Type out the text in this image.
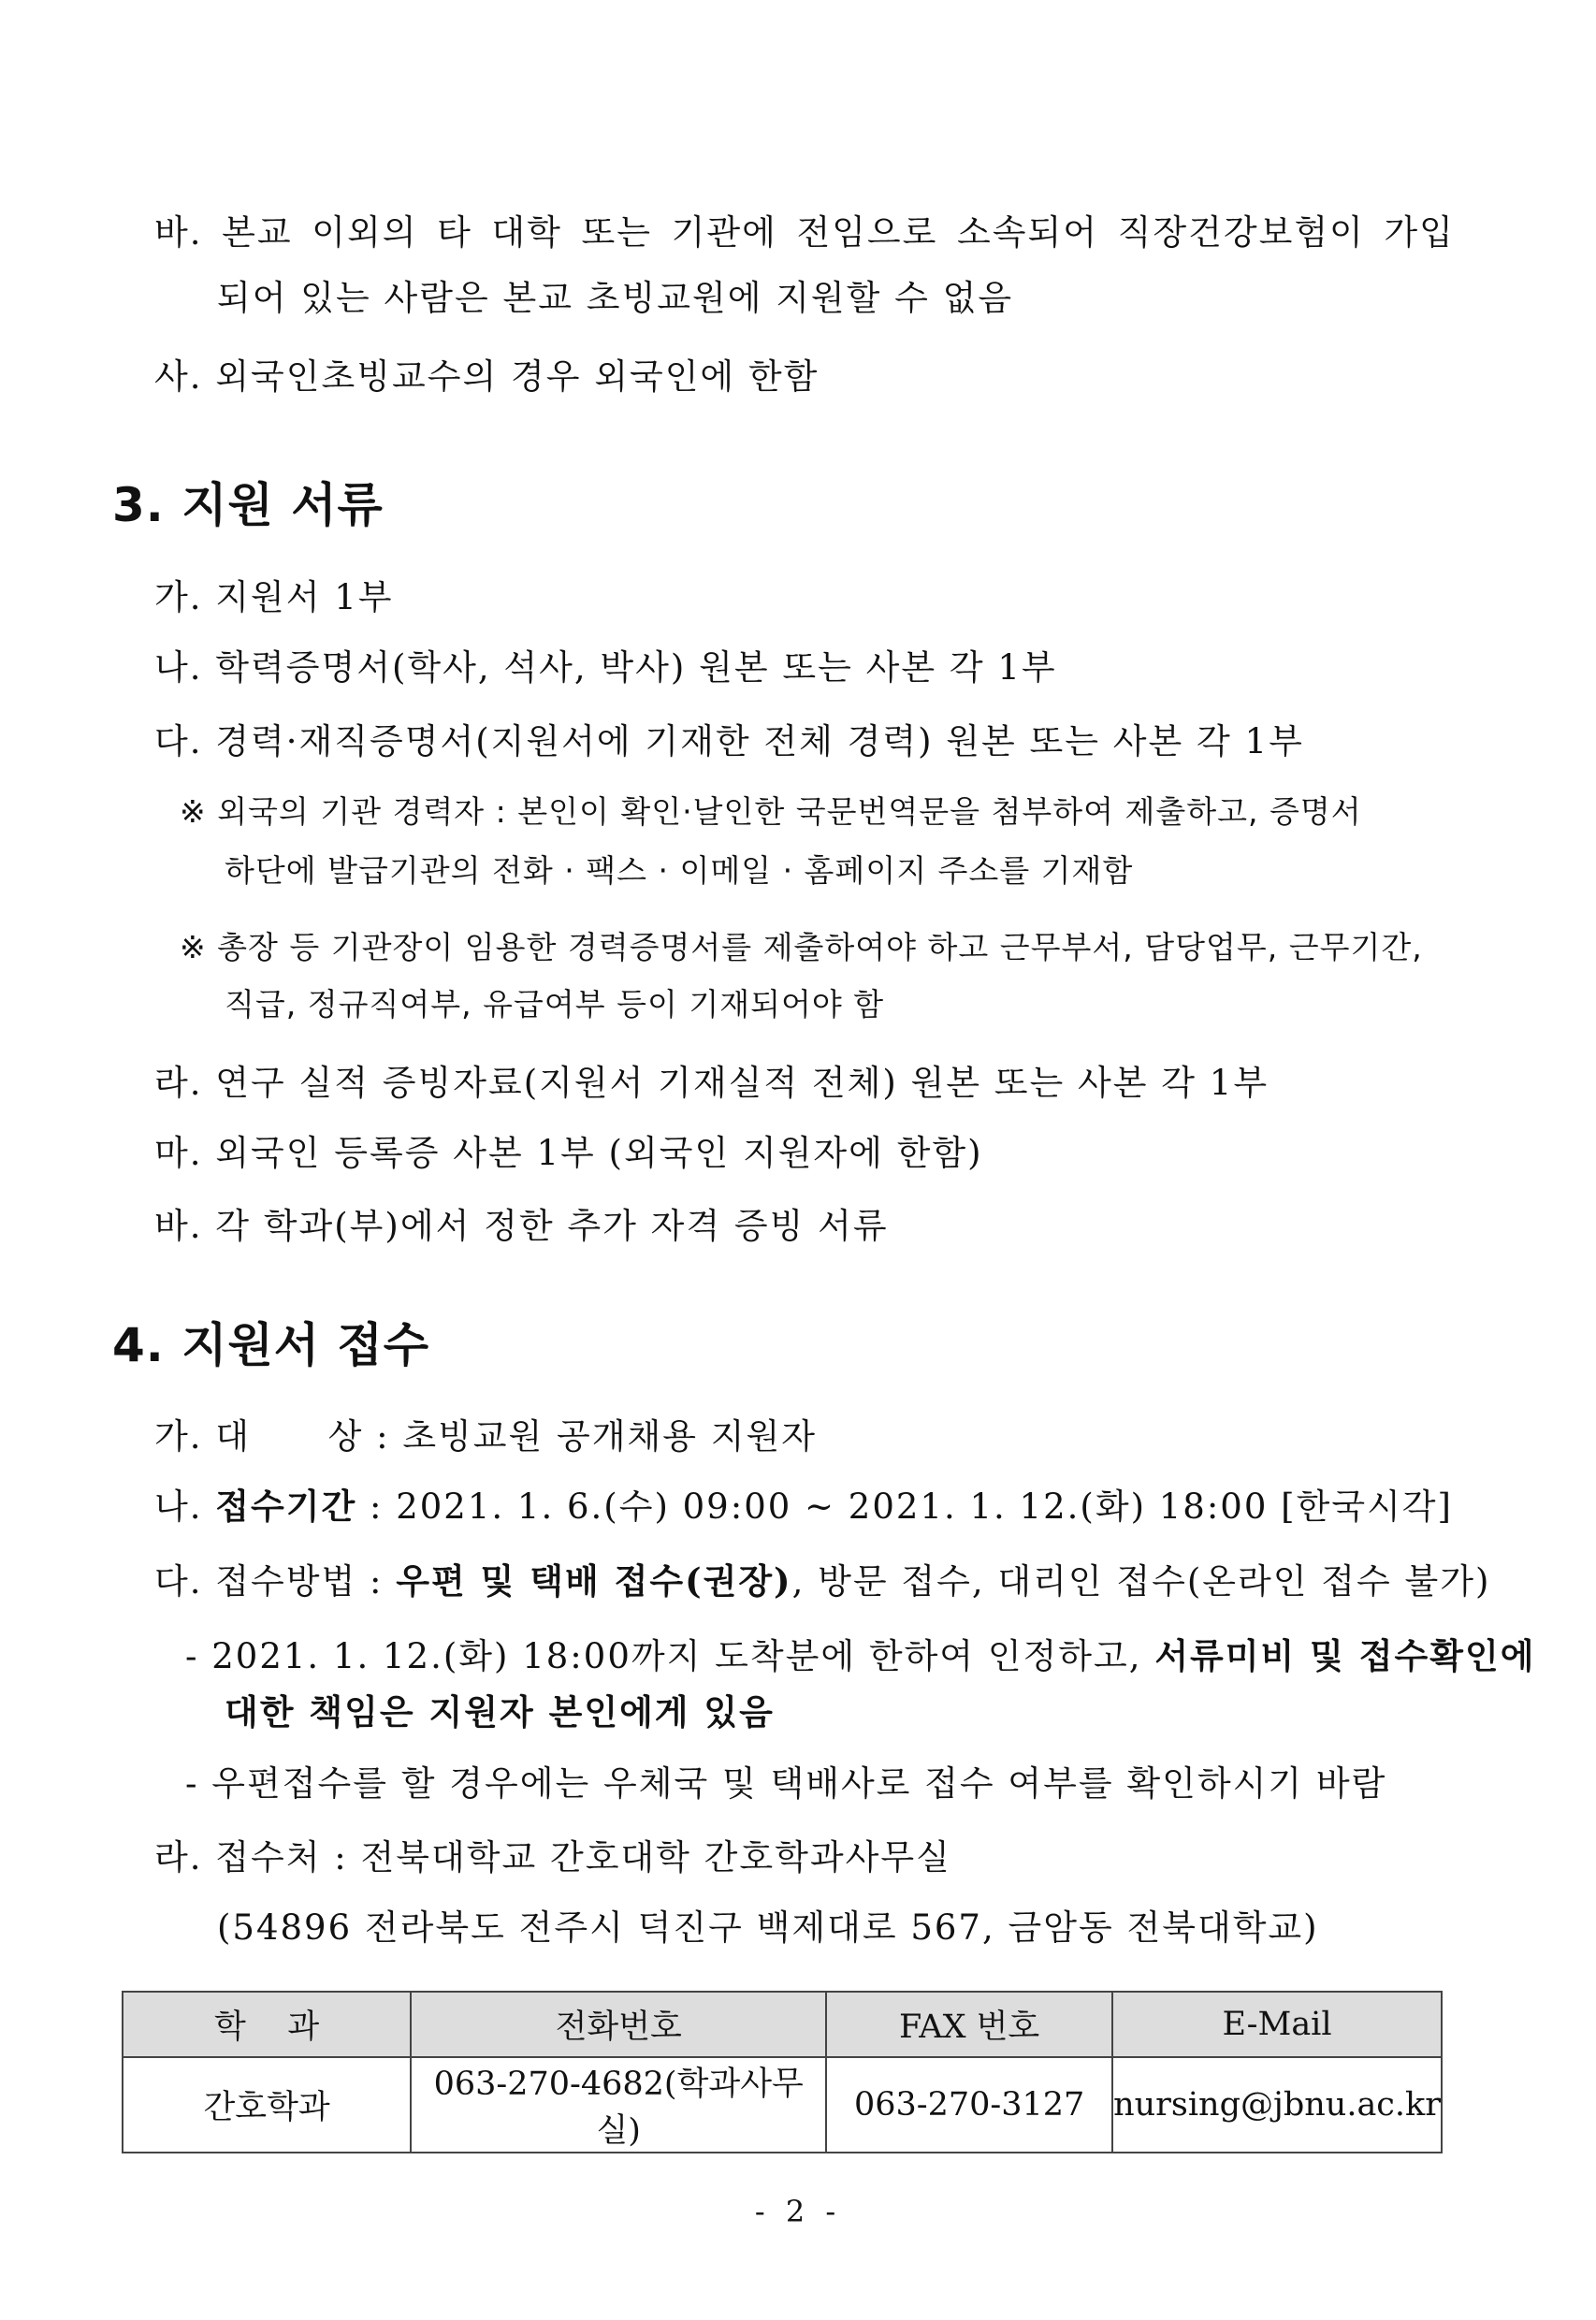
바. 본교 이외의 타 대학 또는 기관에 전임으로 소속되어 직장건강보험이 가입
되어 있는 사람은 본교 초빙교원에 지원할 수 없음
사. 외국인초빙교수의 경우 외국인에 한함
3. 지원 서류
가. 지원서 1부
나. 학력증명서(학사, 석사, 박사) 원본 또는 사본 각 1부
다. 경력·재직증명서(지원서에 기재한 전체 경력) 원본 또는 사본 각 1부
※ 외국의 기관 경력자 : 본인이 확인·날인한 국문번역문을 첨부하여 제출하고, 증명서
하단에 발급기관의 전화 · 팩스 · 이메일 · 홈페이지 주소를 기재함
※ 총장 등 기관장이 임용한 경력증명서를 제출하여야 하고 근무부서, 담당업무, 근무기간,
직급, 정규직여부, 유급여부 등이 기재되어야 함
라. 연구 실적 증빙자료(지원서 기재실적 전체) 원본 또는 사본 각 1부
마. 외국인 등록증 사본 1부 (외국인 지원자에 한함)
바. 각 학과(부)에서 정한 추가 자격 증빙 서류
4. 지원서 접수
가. 대      상 : 초빙교원 공개채용 지원자
나. 접수기간 : 2021. 1. 6.(수) 09:00 ~ 2021. 1. 12.(화) 18:00 [한국시각]
다. 접수방법 : 우편 및 택배 접수(권장), 방문 접수, 대리인 접수(온라인 접수 불가)
- 2021. 1. 12.(화) 18:00까지 도착분에 한하여 인정하고, 서류미비 및 접수확인에
대한 책임은 지원자 본인에게 있음
- 우편접수를 할 경우에는 우체국 및 택배사로 접수 여부를 확인하시기 바람
라. 접수처 : 전북대학교 간호대학 간호학과사무실
(54896 전라북도 전주시 덕진구 백제대로 567, 금암동 전북대학교)
학    과	전화번호	FAX 번호	E-Mail
간호학과	063-270-4682(학과사무실)	063-270-3127	nursing@jbnu.ac.kr
- 2 -
